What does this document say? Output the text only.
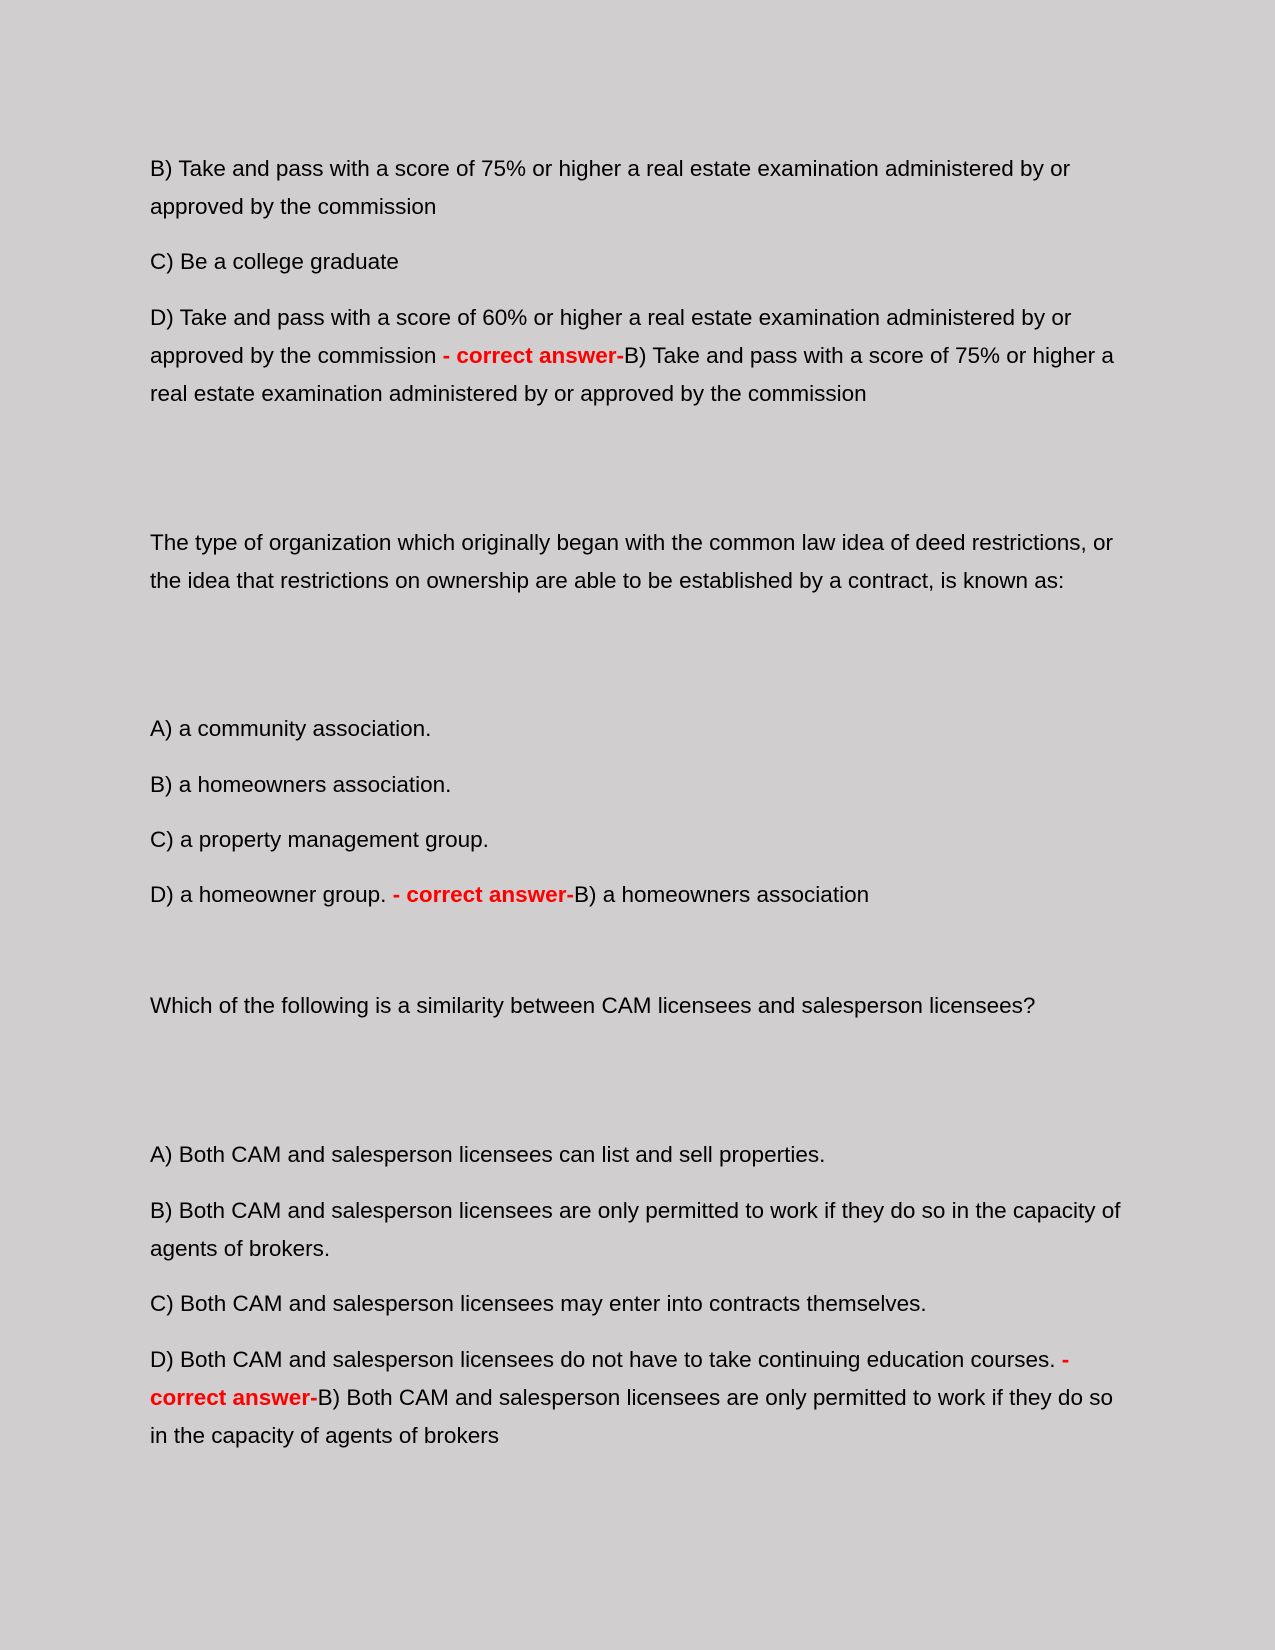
B) Take and pass with a score of 75% or higher a real estate examination administered by or approved by the commission

C) Be a college graduate

D) Take and pass with a score of 60% or higher a real estate examination administered by or approved by the commission - correct answer-B) Take and pass with a score of 75% or higher a real estate examination administered by or approved by the commission

The type of organization which originally began with the common law idea of deed restrictions, or the idea that restrictions on ownership are able to be established by a contract, is known as:

A) a community association.

B) a homeowners association.

C) a property management group.

D) a homeowner group. - correct answer-B) a homeowners association

Which of the following is a similarity between CAM licensees and salesperson licensees?

A) Both CAM and salesperson licensees can list and sell properties.

B) Both CAM and salesperson licensees are only permitted to work if they do so in the capacity of agents of brokers.

C) Both CAM and salesperson licensees may enter into contracts themselves.

D) Both CAM and salesperson licensees do not have to take continuing education courses. - correct answer-B) Both CAM and salesperson licensees are only permitted to work if they do so in the capacity of agents of brokers
